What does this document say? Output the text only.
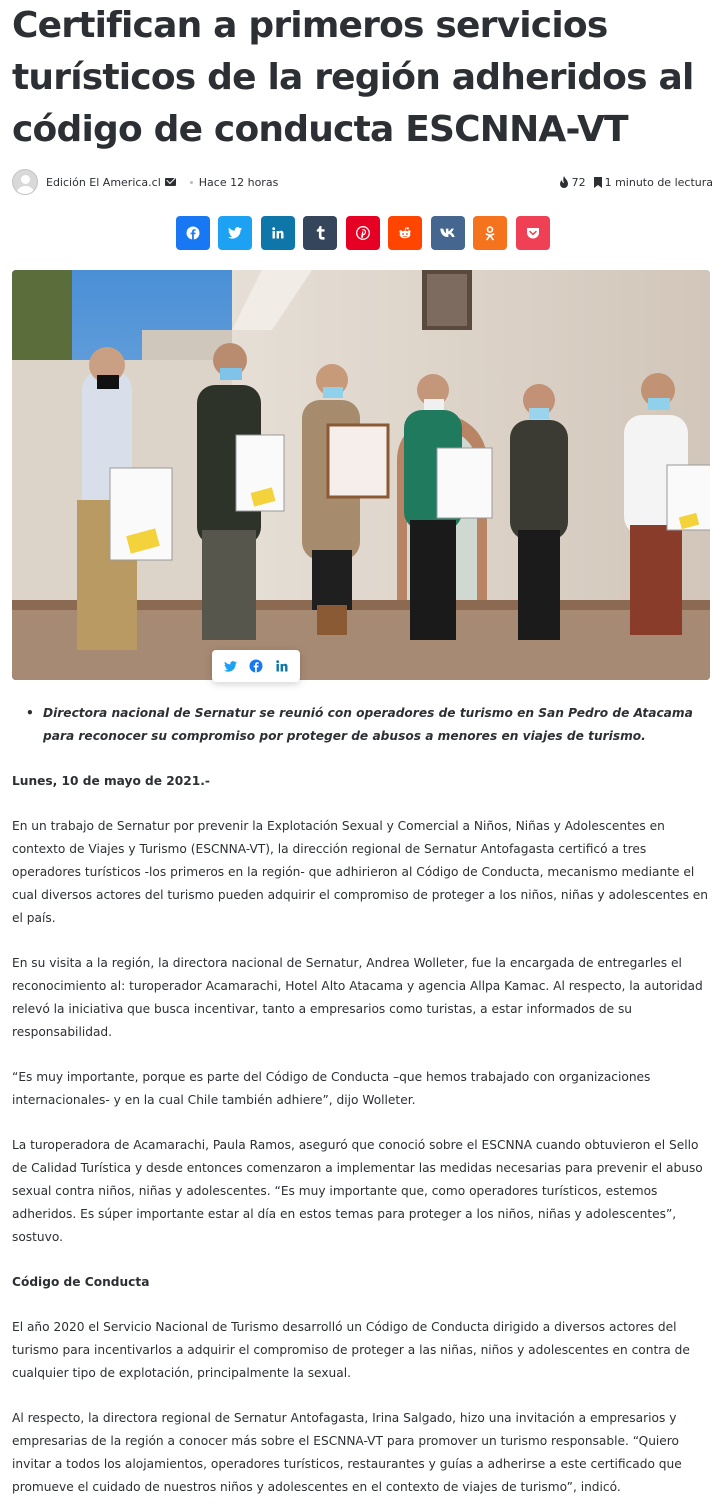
Certifican a primeros servicios turísticos de la región adheridos al código de conducta ESCNNA-VT
Edición El America.cl	Hace 12 horas	72 1 minuto de lectura
• Directora nacional de Sernatur se reunió con operadores de turismo en San Pedro de Atacama para reconocer su compromiso por proteger de abusos a menores en viajes de turismo.

Lunes, 10 de mayo de 2021.-

En un trabajo de Sernatur por prevenir la Explotación Sexual y Comercial a Niños, Niñas y Adolescentes en contexto de Viajes y Turismo (ESCNNA-VT), la dirección regional de Sernatur Antofagasta certificó a tres operadores turísticos -los primeros en la región- que adhirieron al Código de Conducta, mecanismo mediante el cual diversos actores del turismo pueden adquirir el compromiso de proteger a los niños, niñas y adolescentes en el país.

En su visita a la región, la directora nacional de Sernatur, Andrea Wolleter, fue la encargada de entregarles el reconocimiento al: turoperador Acamarachi, Hotel Alto Atacama y agencia Allpa Kamac. Al respecto, la autoridad relevó la iniciativa que busca incentivar, tanto a empresarios como turistas, a estar informados de su responsabilidad.

“Es muy importante, porque es parte del Código de Conducta –que hemos trabajado con organizaciones internacionales- y en la cual Chile también adhiere”, dijo Wolleter.

La turoperadora de Acamarachi, Paula Ramos, aseguró que conoció sobre el ESCNNA cuando obtuvieron el Sello de Calidad Turística y desde entonces comenzaron a implementar las medidas necesarias para prevenir el abuso sexual contra niños, niñas y adolescentes. “Es muy importante que, como operadores turísticos, estemos adheridos. Es súper importante estar al día en estos temas para proteger a los niños, niñas y adolescentes”, sostuvo.

Código de Conducta

El año 2020 el Servicio Nacional de Turismo desarrolló un Código de Conducta dirigido a diversos actores del turismo para incentivarlos a adquirir el compromiso de proteger a las niñas, niños y adolescentes en contra de cualquier tipo de explotación, principalmente la sexual.

Al respecto, la directora regional de Sernatur Antofagasta, Irina Salgado, hizo una invitación a empresarios y empresarias de la región a conocer más sobre el ESCNNA-VT para promover un turismo responsable. “Quiero invitar a todos los alojamientos, operadores turísticos, restaurantes y guías a adherirse a este certificado que promueve el cuidado de nuestros niños y adolescentes en el contexto de viajes de turismo”, indicó.
